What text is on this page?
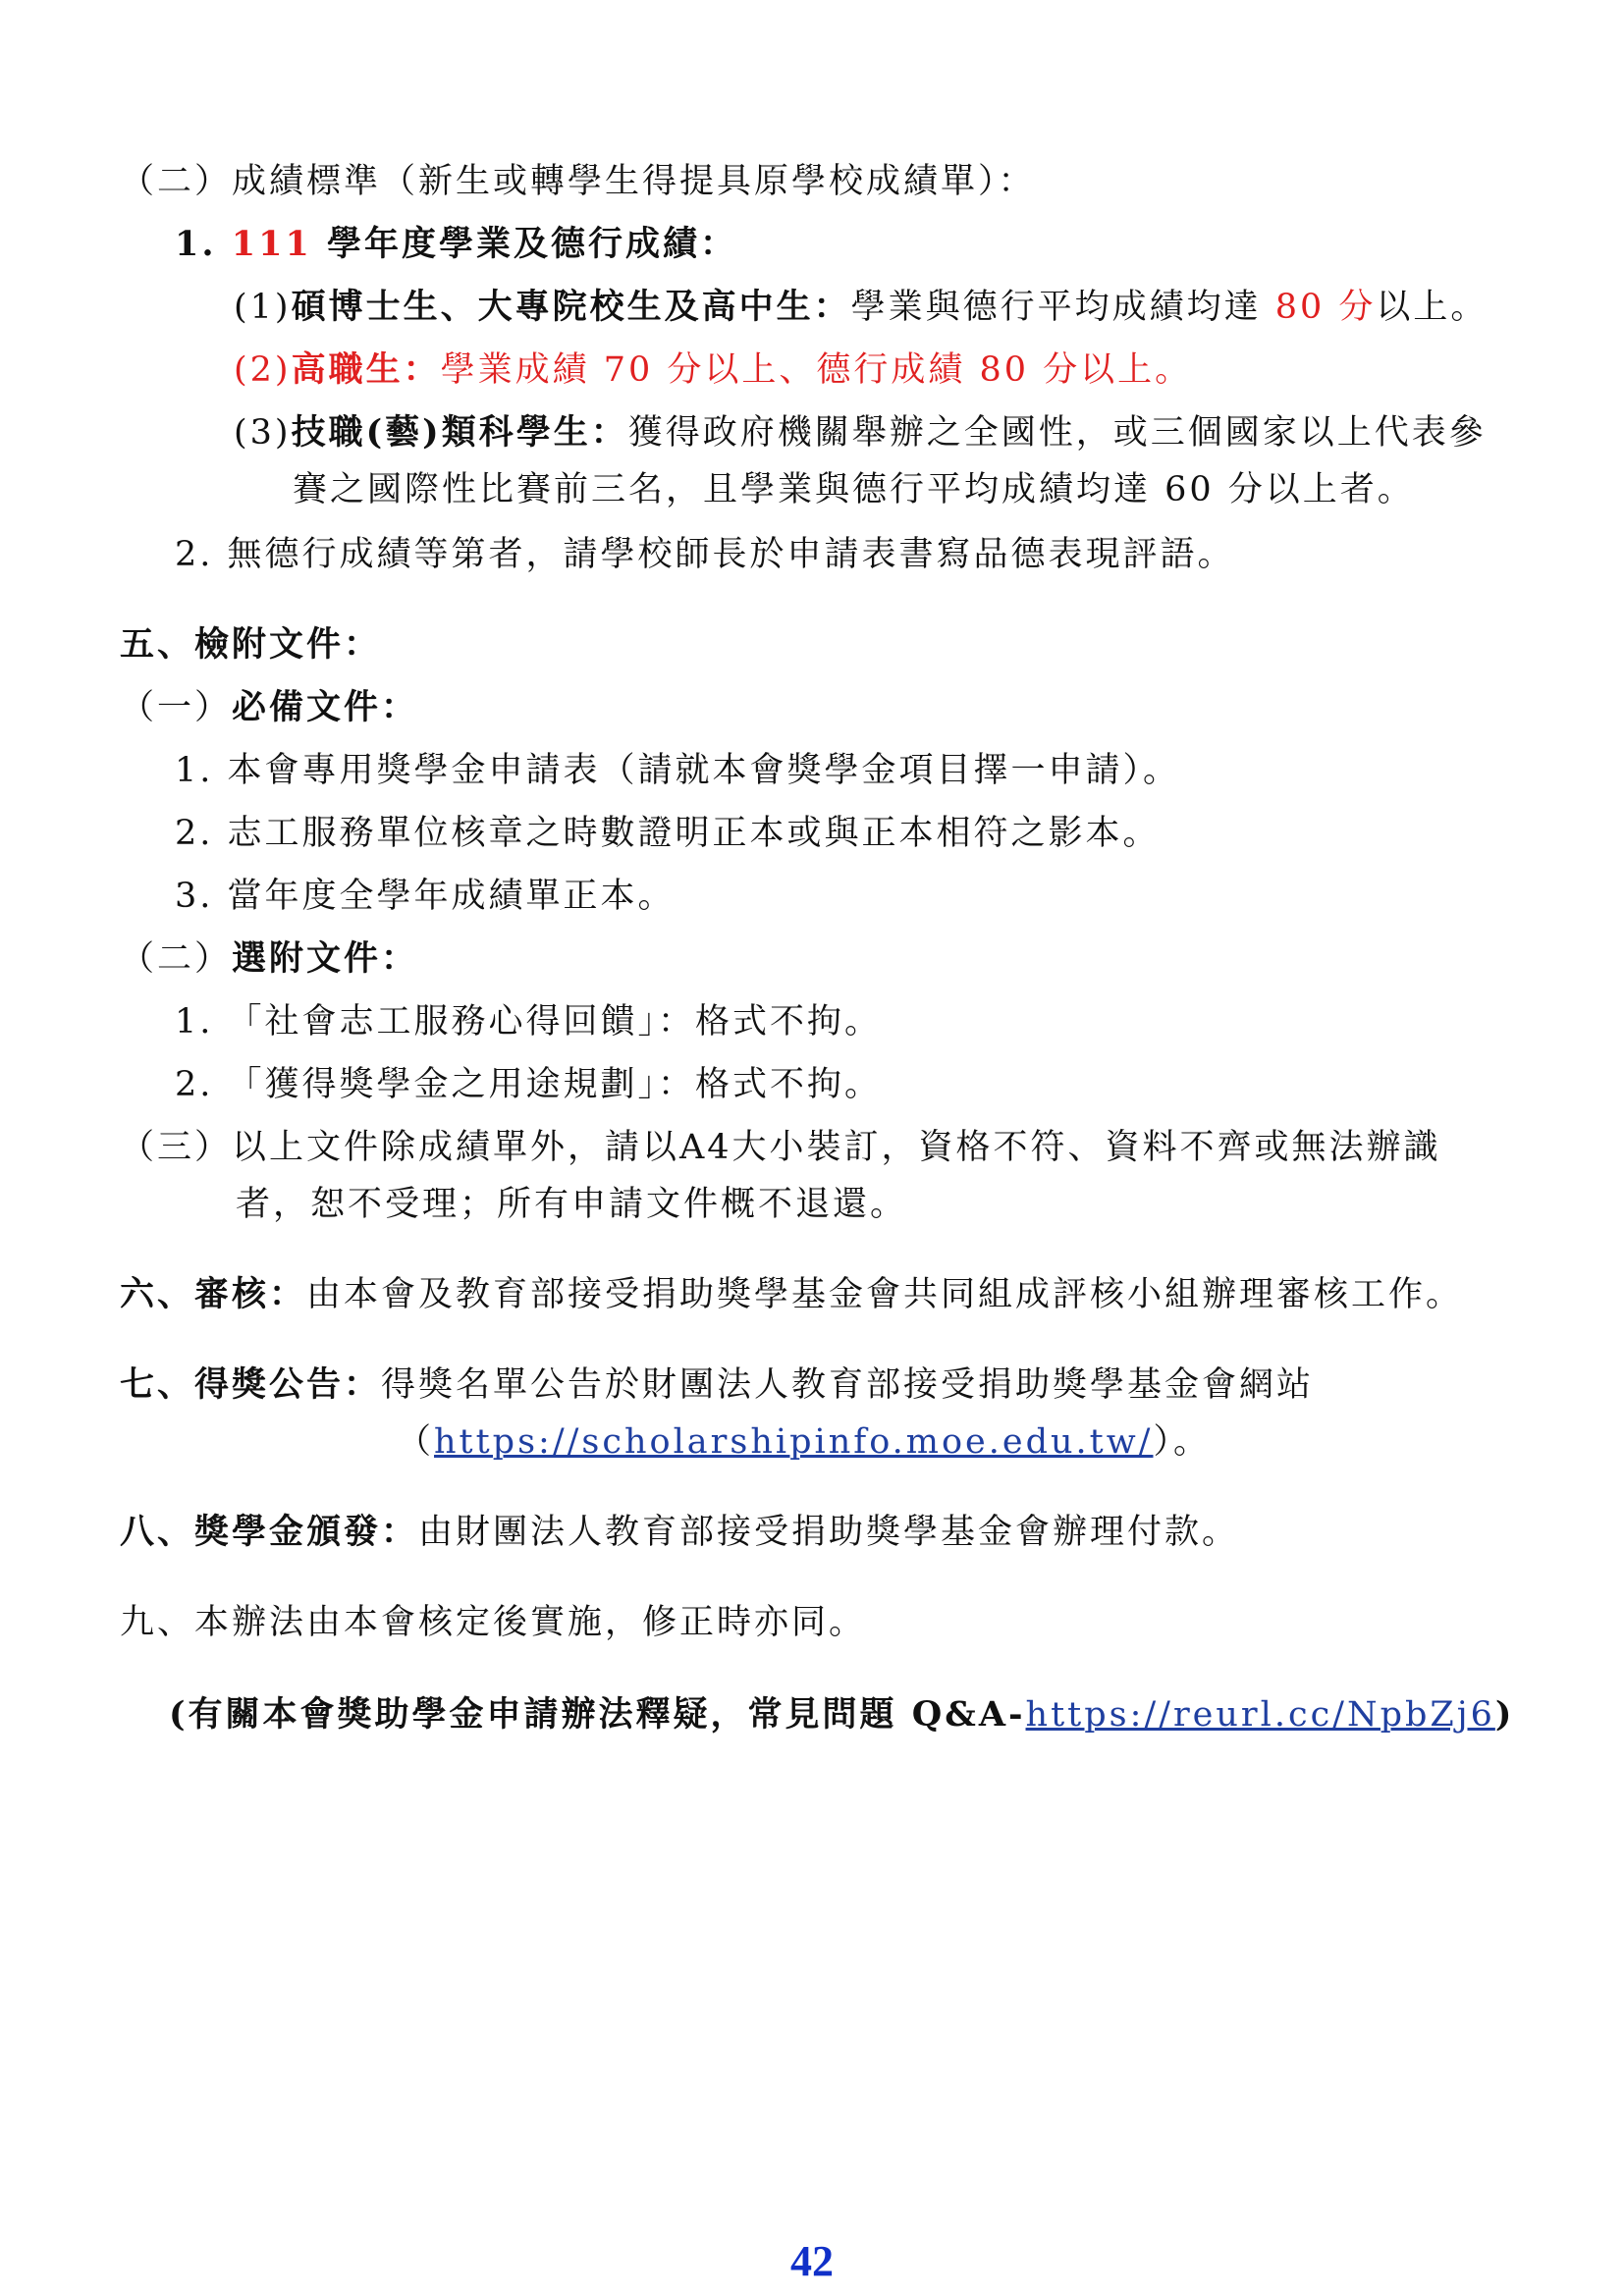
（二）成績標準（新生或轉學生得提具原學校成績單）：
1. 111 學年度學業及德行成績：
(1)碩博士生、大專院校生及高中生：學業與德行平均成績均達 80 分以上。
(2)高職生：學業成績 70 分以上、德行成績 80 分以上。
(3)技職(藝)類科學生：獲得政府機關舉辦之全國性，或三個國家以上代表參
賽之國際性比賽前三名，且學業與德行平均成績均達 60 分以上者。
2. 無德行成績等第者，請學校師長於申請表書寫品德表現評語。
五、檢附文件：
（一）必備文件：
1. 本會專用獎學金申請表（請就本會獎學金項目擇一申請）。
2. 志工服務單位核章之時數證明正本或與正本相符之影本。
3. 當年度全學年成績單正本。
（二）選附文件：
1. 「社會志工服務心得回饋」：格式不拘。
2. 「獲得獎學金之用途規劃」：格式不拘。
（三）以上文件除成績單外，請以A4大小裝訂，資格不符、資料不齊或無法辦識
者，恕不受理；所有申請文件概不退還。
六、審核：由本會及教育部接受捐助獎學基金會共同組成評核小組辦理審核工作。
七、得獎公告：得獎名單公告於財團法人教育部接受捐助獎學基金會網站
（https://scholarshipinfo.moe.edu.tw/）。
八、獎學金頒發：由財團法人教育部接受捐助獎學基金會辦理付款。
九、本辦法由本會核定後實施，修正時亦同。
(有關本會獎助學金申請辦法釋疑，常見問題 Q&A-https://reurl.cc/NpbZj6)
42
